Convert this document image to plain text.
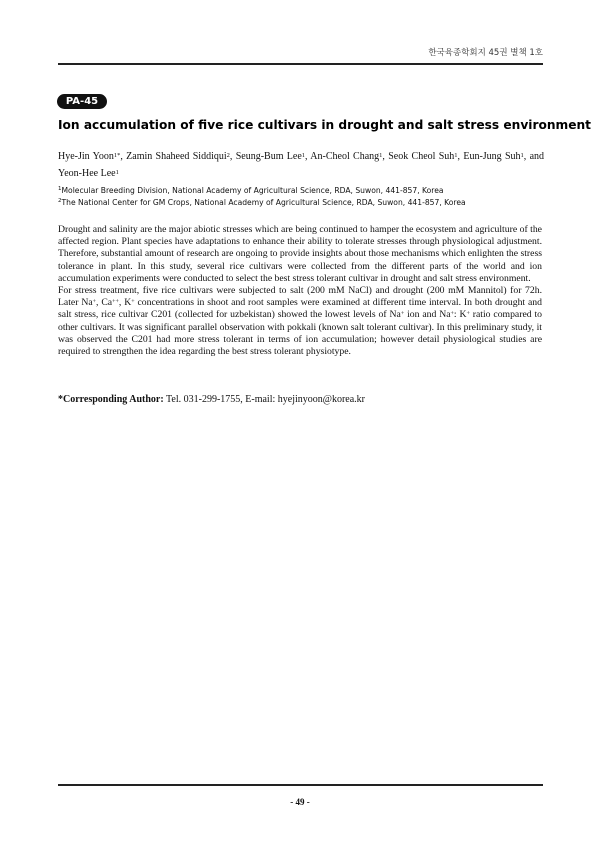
한국육종학회지 45권 별책 1호
PA-45
Ion accumulation of five rice cultivars in drought and salt stress environment
Hye-Jin Yoon$^{1*}$, Zamin Shaheed Siddiqui$^2$, Seung-Bum Lee$^1$, An-Cheol Chang$^1$, Seok Cheol Suh$^1$, Eun-Jung Suh$^1$, and Yeon-Hee Lee$^1$
$^1$Molecular Breeding Division, National Academy of Agricultural Science, RDA, Suwon, 441-857, Korea
$^2$The National Center for GM Crops, National Academy of Agricultural Science, RDA, Suwon, 441-857, Korea

Drought and salinity are the major abiotic stresses which are being continued to hamper the ecosystem and agriculture of the affected region. Plant species have adaptations to enhance their ability to tolerate stresses through physiological adjustment. Therefore, substantial amount of research are ongoing to provide insights about those mechanisms which enlighten the stress tolerance in plant. In this study, several rice cultivars were collected from the different parts of the world and ion accumulation experiments were conducted to select the best stress tolerant cultivar in drought and salt stress environment.

For stress treatment, five rice cultivars were subjected to salt (200 mM NaCl) and drought (200 mM Mannitol) for 72h. Later Na+, Ca++, K+ concentrations in shoot and root samples were examined at different time interval. In both drought and salt stress, rice cultivar C201 (collected for uzbekistan) showed the lowest levels of Na+ ion and Na+: K+ ratio compared to other cultivars. It was significant parallel observation with pokkali (known salt tolerant cultivar). In this preliminary study, it was observed the C201 had more stress tolerant in terms of ion accumulation; however detail physiological studies are required to strengthen the idea regarding the best stress tolerant physiotype.

*Corresponding Author: Tel. 031-299-1755, E-mail: hyejinyoon@korea.kr
- 49 -
